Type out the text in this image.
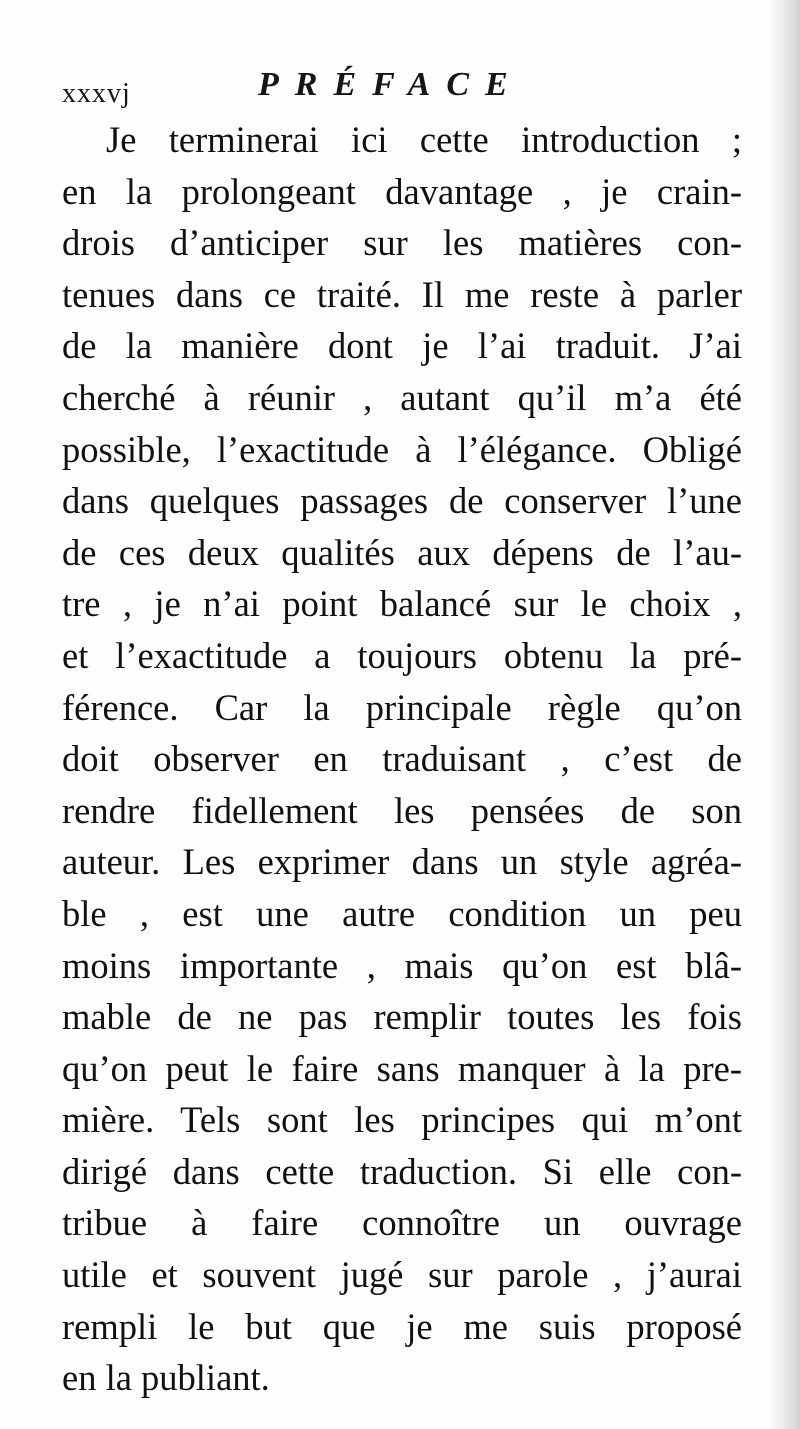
xxxvj	PRÉFACE
Je terminerai ici cette introduction ;
en la prolongeant davantage , je crain-
drois d’anticiper sur les matières con-
tenues dans ce traité. Il me reste à parler
de la manière dont je l’ai traduit. J’ai
cherché à réunir , autant qu’il m’a été
possible, l’exactitude à l’élégance. Obligé
dans quelques passages de conserver l’une
de ces deux qualités aux dépens de l’au-
tre , je n’ai point balancé sur le choix ,
et l’exactitude a toujours obtenu la pré-
férence. Car la principale règle qu’on
doit observer en traduisant , c’est de
rendre fidellement les pensées de son
auteur. Les exprimer dans un style agréa-
ble , est une autre condition un peu
moins importante , mais qu’on est blâ-
mable de ne pas remplir toutes les fois
qu’on peut le faire sans manquer à la pre-
mière. Tels sont les principes qui m’ont
dirigé dans cette traduction. Si elle con-
tribue à faire connoître un ouvrage
utile et souvent jugé sur parole , j’aurai
rempli le but que je me suis proposé
en la publiant.
